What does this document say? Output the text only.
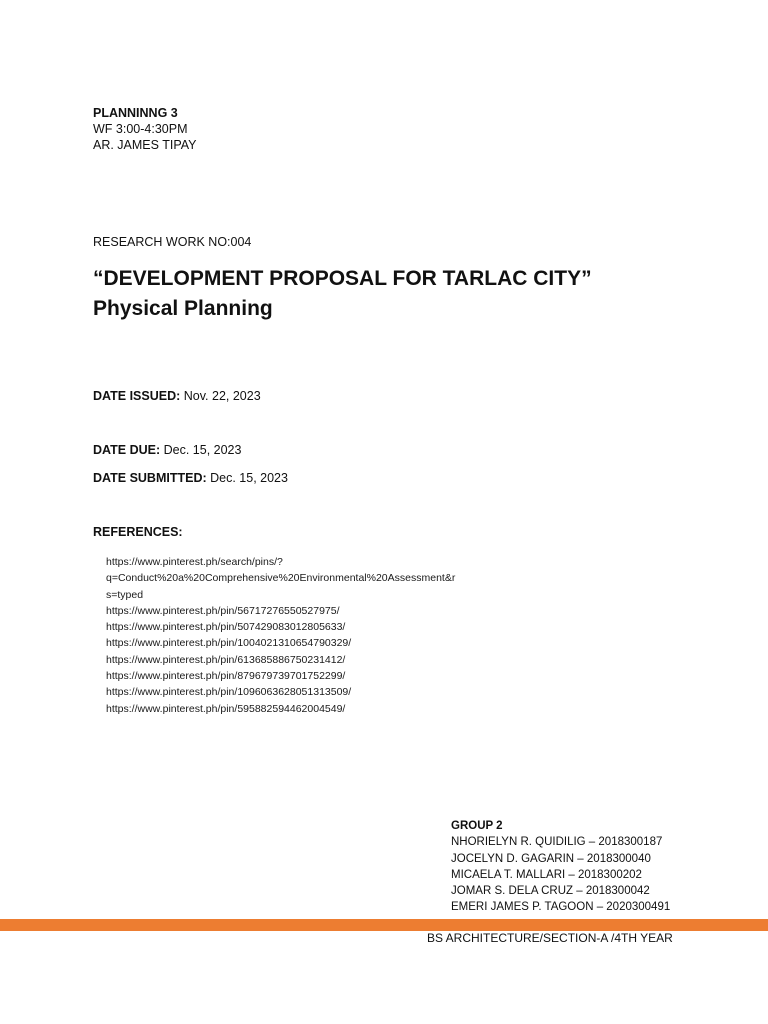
PLANNINNG 3
WF 3:00-4:30PM
AR. JAMES TIPAY
RESEARCH WORK NO:004
“DEVELOPMENT PROPOSAL FOR TARLAC CITY”
Physical Planning
DATE ISSUED: Nov. 22, 2023
DATE DUE: Dec. 15, 2023
DATE SUBMITTED: Dec. 15, 2023
REFERENCES:
https://www.pinterest.ph/search/pins/?
q=Conduct%20a%20Comprehensive%20Environmental%20Assessment&r
s=typed
https://www.pinterest.ph/pin/56717276550527975/
https://www.pinterest.ph/pin/507429083012805633/
https://www.pinterest.ph/pin/1004021310654790329/
https://www.pinterest.ph/pin/613685886750231412/
https://www.pinterest.ph/pin/879679739701752299/
https://www.pinterest.ph/pin/1096063628051313509/
https://www.pinterest.ph/pin/595882594462004549/
GROUP 2
NHORIELYN R. QUIDILIG – 2018300187
JOCELYN D. GAGARIN – 2018300040
MICAELA T. MALLARI – 2018300202
JOMAR S. DELA CRUZ – 2018300042
EMERI JAMES P. TAGOON – 2020300491
BS ARCHITECTURE/SECTION-A /4TH YEAR
